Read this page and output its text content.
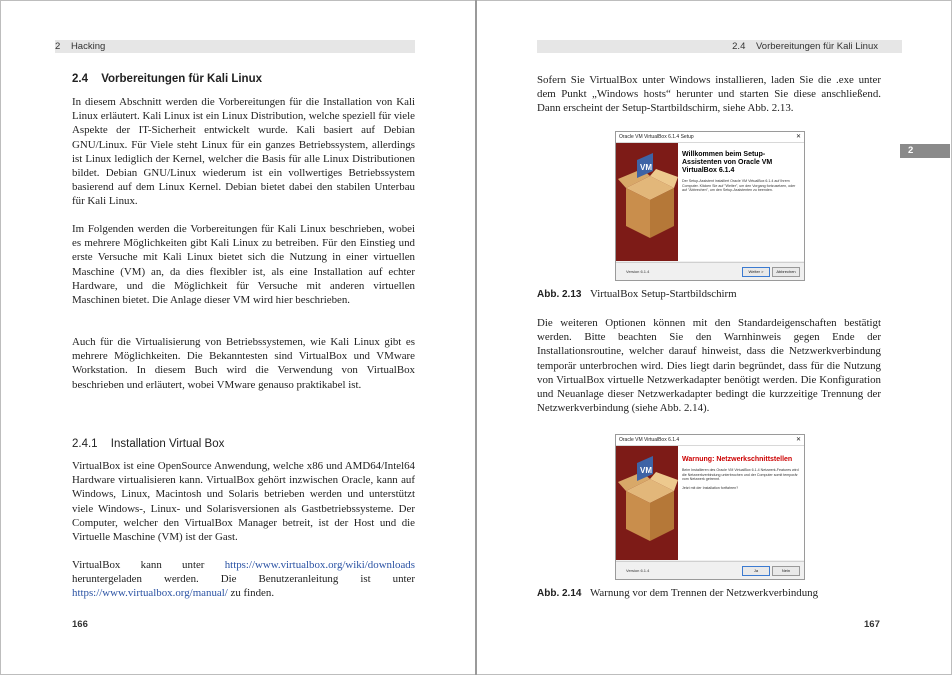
2 Hacking
2.4 Vorbereitungen für Kali Linux

In diesem Abschnitt werden die Vorbereitungen für die Installation von Kali Linux erläutert. Kali Linux ist ein Linux Distribution, welche speziell für viele Aspekte der IT-Sicherheit entwickelt wurde. Kali basiert auf Debian GNU/Linux. Für Viele steht Linux für ein ganzes Betriebssystem, allerdings ist Linux lediglich der Kernel, welcher die Basis für alle Linux Distributionen bildet. Debian GNU/Linux wiederum ist ein vollwertiges Betriebssystem basierend auf dem Linux Kernel. Debian bietet dabei den stabilen Unterbau für Kali Linux.

Im Folgenden werden die Vorbereitungen für Kali Linux beschrieben, wobei es mehrere Möglichkeiten gibt Kali Linux zu betreiben. Für den Einstieg und erste Versuche mit Kali Linux bietet sich die Nutzung in einer virtuellen Maschine (VM) an, da dies flexibler ist, als eine Installation auf echter Hardware, und die Möglichkeit für Versuche mit anderen virtuellen Maschinen bietet. Die Anlage dieser VM wird hier beschrieben.

Auch für die Virtualisierung von Betriebssystemen, wie Kali Linux gibt es mehrere Möglichkeiten. Die Bekanntesten sind VirtualBox und VMware Workstation. In diesem Buch wird die Verwendung von VirtualBox beschrieben und erläutert, wobei VMware genauso praktikabel ist.

2.4.1 Installation Virtual Box

VirtualBox ist eine OpenSource Anwendung, welche x86 und AMD64/Intel64 Hardware virtualisieren kann. VirtualBox gehört inzwischen Oracle, kann auf Windows, Linux, Macintosh und Solaris betrieben werden und unterstützt viele Windows-, Linux- und Solarisversionen als Gastbetriebssysteme. Der Computer, welcher den VirtualBox Manager betreit, ist der Host und die Virtuelle Maschine (VM) ist der Gast.

VirtualBox kann unter https://www.virtualbox.org/wiki/downloads heruntergeladen werden. Die Benutzeranleitung ist unter https://www.virtualbox.org/manual/ zu finden.

166
2.4 Vorbereitungen für Kali Linux
2

Sofern Sie VirtualBox unter Windows installieren, laden Sie die .exe unter dem Punkt „Windows hosts“ herunter und starten Sie diese anschließend. Dann erscheint der Setup-Startbildschirm, siehe Abb. 2.13.

Oracle VM VirtualBox 6.1.4 Setup	✕
VM
Willkommen beim Setup-Assistenten von Oracle VM VirtualBox 6.1.4
Der Setup-Assistent installiert Oracle VM VirtualBox 6.1.4 auf Ihrem Computer. Klicken Sie auf "Weiter", um den Vorgang fortzusetzen, oder auf "Abbrechen", um den Setup-Assistenten zu beenden.
Version 6.1.4	Weiter >	Abbrechen
Abb. 2.13 VirtualBox Setup-Startbildschirm

Die weiteren Optionen können mit den Standardeigenschaften bestätigt werden. Bitte beachten Sie den Warnhinweis gegen Ende der Installationsroutine, welcher darauf hinweist, dass die Netzwerkverbindung temporär unterbrochen wird. Dies liegt darin begründet, dass für die Nutzung von VirtualBox virtuelle Netzwerkadapter benötigt werden. Die Konfiguration und Neuanlage dieser Netzwerkadapter bedingt die kurzzeitige Trennung der Netzwerkverbindung (siehe Abb. 2.14).

Oracle VM VirtualBox 6.1.4	✕
VM
Warnung: Netzwerkschnittstellen
Beim Installieren des Oracle VM VirtualBox 6.1.4 Netzwerk-Features wird die Netzwerkverbindung unterbrochen und der Computer somit temporär vom Netzwerk getrennt.
Jetzt mit der Installation fortfahren?
Version 6.1.4	Ja	Nein
Abb. 2.14 Warnung vor dem Trennen der Netzwerkverbindung
167
